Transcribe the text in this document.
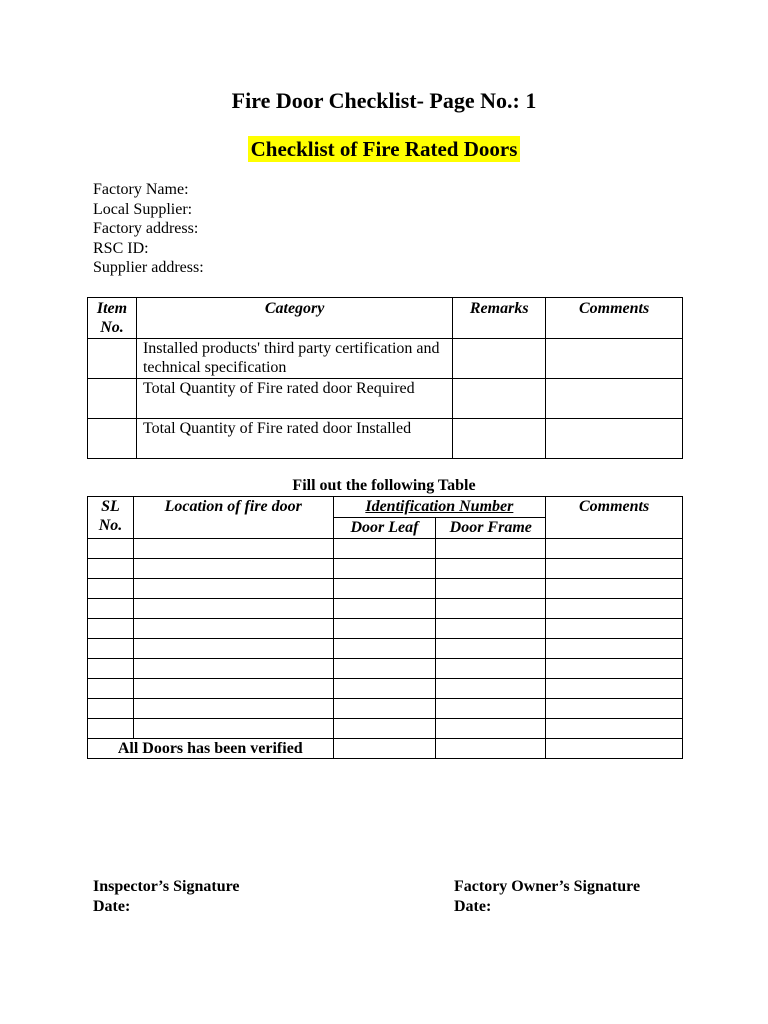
Fire Door Checklist- Page No.: 1
Checklist of Fire Rated Doors
Factory Name:
Local Supplier:
Factory address:
RSC ID:
Supplier address:
Item No.	Category	Remarks	Comments
	Installed products' third party certification and technical specification		
	Total Quantity of Fire rated door Required		
	Total Quantity of Fire rated door Installed		
Fill out the following Table
SL No.	Location of fire door	Identification Number		Comments
		Door Leaf	Door Frame	

All Doors has been verified				
Inspector’s Signature
Date:
Factory Owner’s Signature
Date:
